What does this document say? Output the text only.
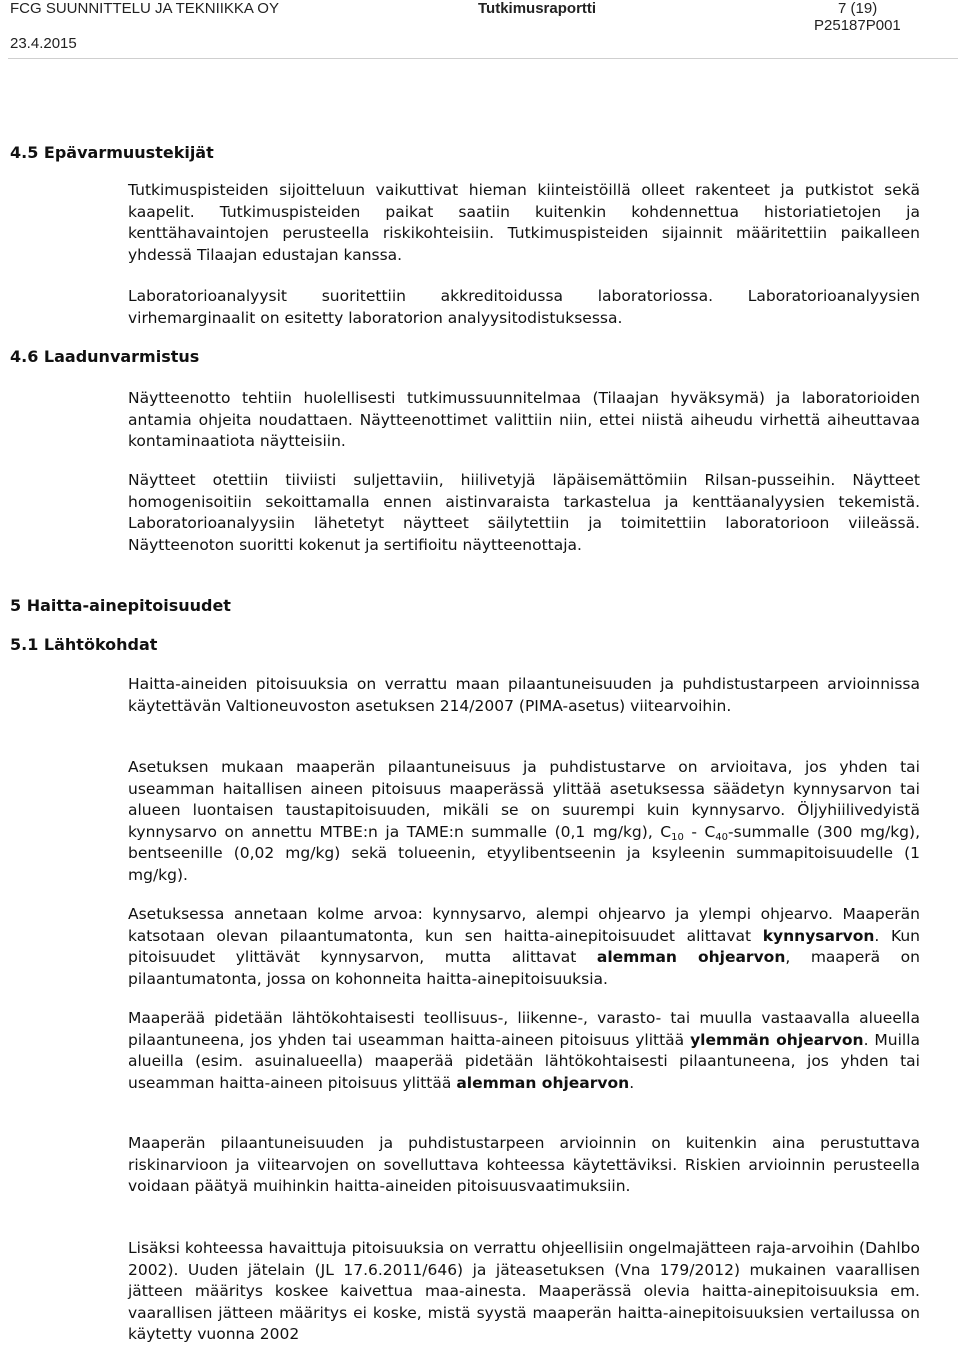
FCG SUUNNITTELU JA TEKNIIKKA OY	Tutkimusraportti	7 (19)
23.4.2015
P25187P001
4.5 Epävarmuustekijät

Tutkimuspisteiden sijoitteluun vaikuttivat hieman kiinteistöillä olleet rakenteet ja putkistot sekä kaapelit. Tutkimuspisteiden paikat saatiin kuitenkin kohdennettua historiatietojen ja kenttähavaintojen perusteella riskikohteisiin. Tutkimuspisteiden sijainnit määritettiin paikalleen yhdessä Tilaajan edustajan kanssa.

Laboratorioanalyysit suoritettiin akkreditoidussa laboratoriossa. Laboratorioanalyysien virhemarginaalit on esitetty laboratorion analyysitodistuksessa.

4.6 Laadunvarmistus

Näytteenotto tehtiin huolellisesti tutkimussuunnitelmaa (Tilaajan hyväksymä) ja laboratorioiden antamia ohjeita noudattaen. Näytteenottimet valittiin niin, ettei niistä aiheudu virhettä aiheuttavaa kontaminaatiota näytteisiin.

Näytteet otettiin tiiviisti suljettaviin, hiilivetyjä läpäisemättömiin Rilsan-pusseihin. Näytteet homogenisoitiin sekoittamalla ennen aistinvaraista tarkastelua ja kenttäanalyysien tekemistä. Laboratorioanalyysiin lähetetyt näytteet säilytettiin ja toimitettiin laboratorioon viileässä. Näytteenoton suoritti kokenut ja sertifioitu näytteenottaja.

5 Haitta-ainepitoisuudet
5.1 Lähtökohdat

Haitta-aineiden pitoisuuksia on verrattu maan pilaantuneisuuden ja puhdistustarpeen arvioinnissa käytettävän Valtioneuvoston asetuksen 214/2007 (PIMA-asetus) viitearvoihin.

Asetuksen mukaan maaperän pilaantuneisuus ja puhdistustarve on arvioitava, jos yhden tai useamman haitallisen aineen pitoisuus maaperässä ylittää asetuksessa säädetyn kynnysarvon tai alueen luontaisen taustapitoisuuden, mikäli se on suurempi kuin kynnysarvo. Öljyhiilivedyistä kynnysarvo on annettu MTBE:n ja TAME:n summalle (0,1 mg/kg), $C_{10}$ - $C_{40}$-summalle (300 mg/kg), bentseenille (0,02 mg/kg) sekä tolueenin, etyylibentseenin ja ksyleenin summapitoisuudelle (1 mg/kg).

Asetuksessa annetaan kolme arvoa: kynnysarvo, alempi ohjearvo ja ylempi ohjearvo. Maaperän katsotaan olevan pilaantumatonta, kun sen haitta-ainepitoisuudet alittavat kynnysarvon. Kun pitoisuudet ylittävät kynnysarvon, mutta alittavat alemman ohjearvon, maaperä on pilaantumatonta, jossa on kohonneita haitta-ainepitoisuuksia.

Maaperää pidetään lähtökohtaisesti teollisuus-, liikenne-, varasto- tai muulla vastaavalla alueella pilaantuneena, jos yhden tai useamman haitta-aineen pitoisuus ylittää ylemmän ohjearvon. Muilla alueilla (esim. asuinalueella) maaperää pidetään lähtökohtaisesti pilaantuneena, jos yhden tai useamman haitta-aineen pitoisuus ylittää alemman ohjearvon.

Maaperän pilaantuneisuuden ja puhdistustarpeen arvioinnin on kuitenkin aina perustuttava riskinarvioon ja viitearvojen on sovelluttava kohteessa käytettäviksi. Riskien arvioinnin perusteella voidaan päätyä muihinkin haitta-aineiden pitoisuusvaatimuksiin.

Lisäksi kohteessa havaittuja pitoisuuksia on verrattu ohjeellisiin ongelmajätteen raja-arvoihin (Dahlbo 2002). Uuden jätelain (JL 17.6.2011/646) ja jäteasetuksen (Vna 179/2012) mukainen vaarallisen jätteen määritys koskee kaivettua maa-ainesta. Maaperässä olevia haitta-ainepitoisuuksia em. vaarallisen jätteen määritys ei koske, mistä syystä maaperän haitta-ainepitoisuuksien vertailussa on käytetty vuonna 2002
